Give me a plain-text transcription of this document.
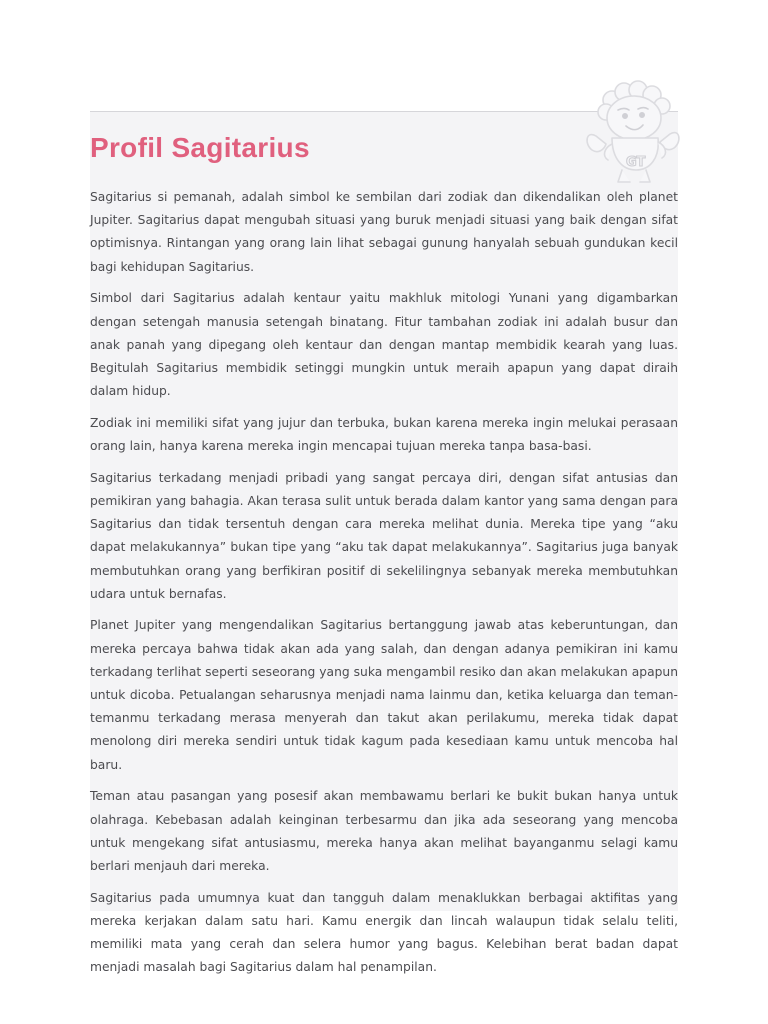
GT
Profil Sagitarius

Sagitarius si pemanah, adalah simbol ke sembilan dari zodiak dan dikendalikan oleh planet Jupiter. Sagitarius dapat mengubah situasi yang buruk menjadi situasi yang baik dengan sifat optimisnya. Rintangan yang orang lain lihat sebagai gunung hanyalah sebuah gundukan kecil bagi kehidupan Sagitarius.

Simbol dari Sagitarius adalah kentaur yaitu makhluk mitologi Yunani yang digambarkan dengan setengah manusia setengah binatang. Fitur tambahan zodiak ini adalah busur dan anak panah yang dipegang oleh kentaur dan dengan mantap membidik kearah yang luas. Begitulah Sagitarius membidik setinggi mungkin untuk meraih apapun yang dapat diraih dalam hidup.

Zodiak ini memiliki sifat yang jujur dan terbuka, bukan karena mereka ingin melukai perasaan orang lain, hanya karena mereka ingin mencapai tujuan mereka tanpa basa-basi.

Sagitarius terkadang menjadi pribadi yang sangat percaya diri, dengan sifat antusias dan pemikiran yang bahagia. Akan terasa sulit untuk berada dalam kantor yang sama dengan para Sagitarius dan tidak tersentuh dengan cara mereka melihat dunia. Mereka tipe yang “aku dapat melakukannya” bukan tipe yang “aku tak dapat melakukannya”. Sagitarius juga banyak membutuhkan orang yang berfikiran positif di sekelilingnya sebanyak mereka membutuhkan udara untuk bernafas.

Planet Jupiter yang mengendalikan Sagitarius bertanggung jawab atas keberuntungan, dan mereka percaya bahwa tidak akan ada yang salah, dan dengan adanya pemikiran ini kamu terkadang terlihat seperti seseorang yang suka mengambil resiko dan akan melakukan apapun untuk dicoba. Petualangan seharusnya menjadi nama lainmu dan, ketika keluarga dan teman-temanmu terkadang merasa menyerah dan takut akan perilakumu, mereka tidak dapat menolong diri mereka sendiri untuk tidak kagum pada kesediaan kamu untuk mencoba hal baru.

Teman atau pasangan yang posesif akan membawamu berlari ke bukit bukan hanya untuk olahraga. Kebebasan adalah keinginan terbesarmu dan jika ada seseorang yang mencoba untuk mengekang sifat antusiasmu, mereka hanya akan melihat bayanganmu selagi kamu berlari menjauh dari mereka.

Sagitarius pada umumnya kuat dan tangguh dalam menaklukkan berbagai aktifitas yang mereka kerjakan dalam satu hari. Kamu energik dan lincah walaupun tidak selalu teliti, memiliki mata yang cerah dan selera humor yang bagus. Kelebihan berat badan dapat menjadi masalah bagi Sagitarius dalam hal penampilan.
